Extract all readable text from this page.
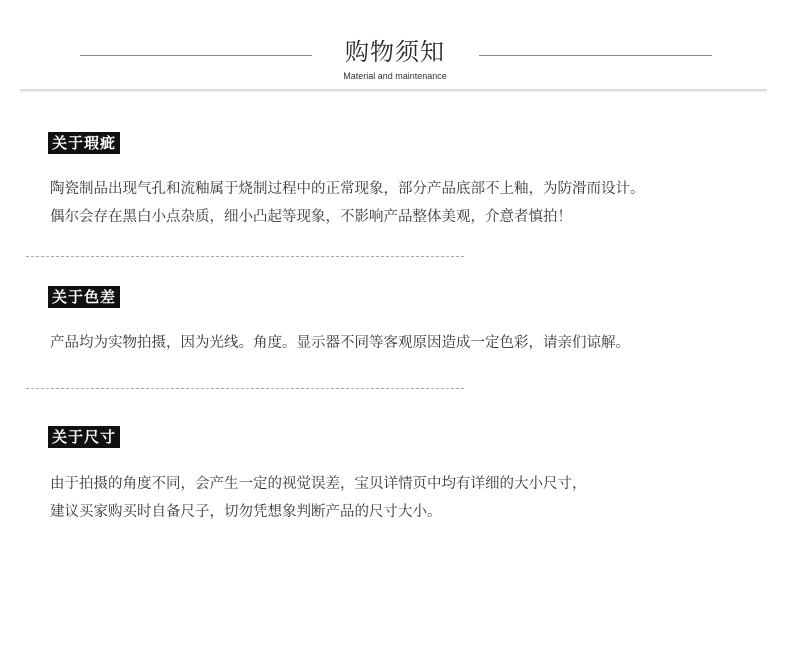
购物须知
Material and maintenance
关于瑕疵
陶瓷制品出现气孔和流釉属于烧制过程中的正常现象，部分产品底部不上釉，为防滑而设计。
偶尔会存在黑白小点杂质，细小凸起等现象，不影响产品整体美观，介意者慎拍！
关于色差
产品均为实物拍摄，因为光线。角度。显示器不同等客观原因造成一定色彩，请亲们谅解。
关于尺寸
由于拍摄的角度不同，会产生一定的视觉误差，宝贝详情页中均有详细的大小尺寸，
建议买家购买时自备尺子，切勿凭想象判断产品的尺寸大小。
